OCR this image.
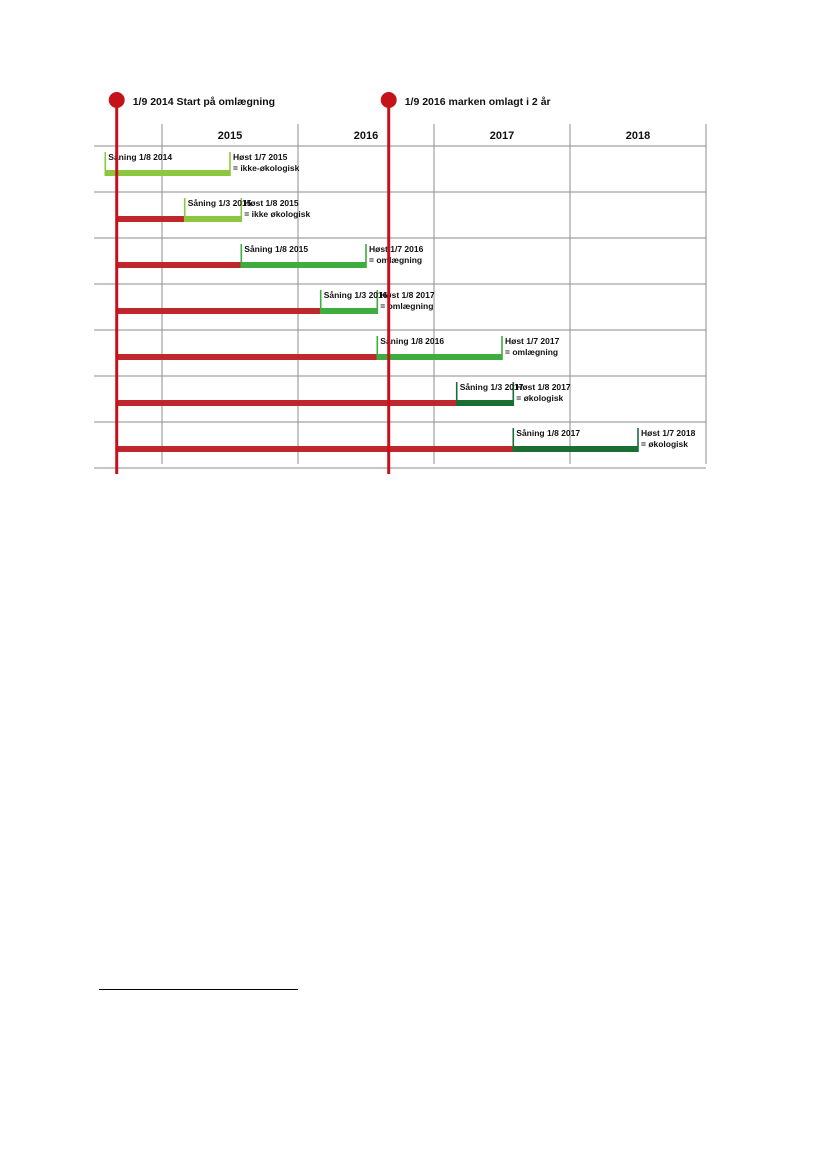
2015	2016	2017	2018
Såning 1/8 2014	Høst 1/7 2015
= ikke-økologisk
Såning 1/3 2015
Høst 1/8 2015
= ikke økologisk
Såning 1/8 2015	Høst 1/7 2016
= omlægning
Såning 1/3 2016
Høst 1/8 2017
= omlægning
Såning 1/8 2016	Høst 1/7 2017
= omlægning
Såning 1/3 2017
Høst 1/8 2017
= økologisk
Såning 1/8 2017	Høst 1/7 2018
= økologisk
1/9 2014 Start på omlægning	1/9 2016 marken omlagt i 2 år
